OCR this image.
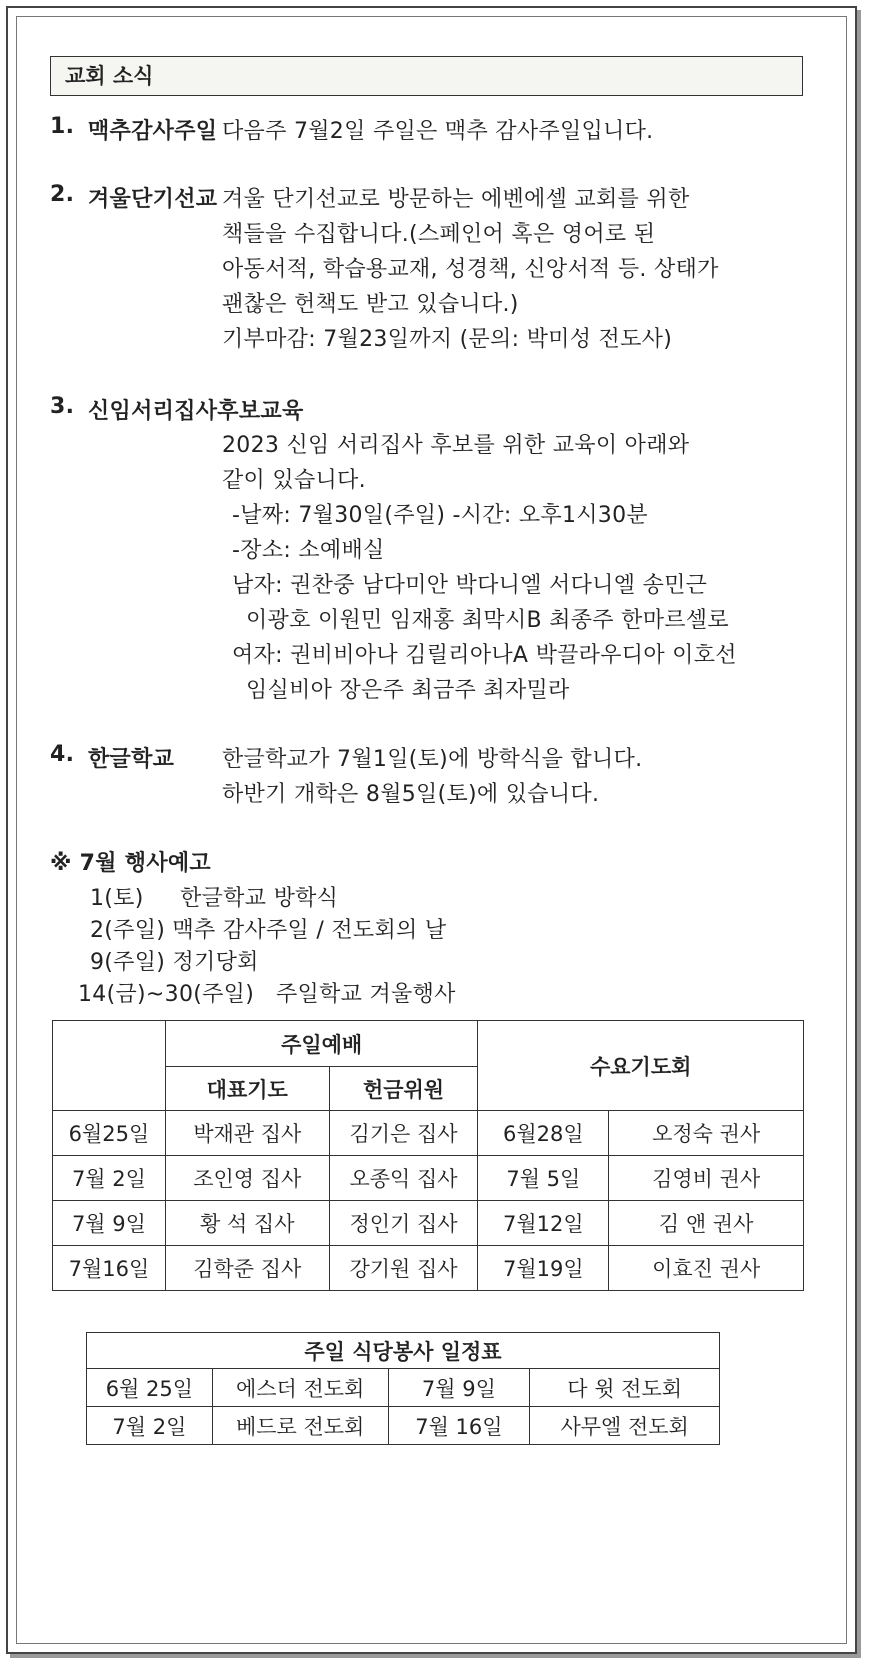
교회 소식
1. 맥추감사주일 다음주 7월2일 주일은 맥추 감사주일입니다.
2. 겨울단기선교 겨울 단기선교로 방문하는 에벤에셀 교회를 위한
책들을 수집합니다.(스페인어 혹은 영어로 된
아동서적, 학습용교재, 성경책, 신앙서적 등. 상태가
괜찮은 헌책도 받고 있습니다.)
기부마감: 7월23일까지 (문의: 박미성 전도사)
3. 신임서리집사후보교육
2023 신임 서리집사 후보를 위한 교육이 아래와
같이 있습니다.
-날짜: 7월30일(주일) -시간: 오후1시30분
-장소: 소예배실
남자: 권찬중 남다미안 박다니엘 서다니엘 송민근
이광호 이원민 임재홍 최막시B 최종주 한마르셀로
여자: 권비비아나 김릴리아나A 박끌라우디아 이호선
임실비아 장은주 최금주 최자밀라
4. 한글학교 한글학교가 7월1일(토)에 방학식을 합니다.
하반기 개학은 8월5일(토)에 있습니다.
※ 7월 행사예고
1(토)     한글학교 방학식
2(주일) 맥추 감사주일 / 전도회의 날
9(주일) 정기당회
14(금)~30(주일)   주일학교 겨울행사
	주일예배		수요기도회	
	대표기도	헌금위원		
6월25일	박재관 집사	김기은 집사	6월28일	오정숙 권사
7월 2일	조인영 집사	오종익 집사	7월 5일	김영비 권사
7월 9일	황 석 집사	정인기 집사	7월12일	김 앤 권사
7월16일	김학준 집사	강기원 집사	7월19일	이효진 권사
주일 식당봉사 일정표			
6월 25일	에스더 전도회	7월 9일	다 윗 전도회
7월 2일	베드로 전도회	7월 16일	사무엘 전도회
